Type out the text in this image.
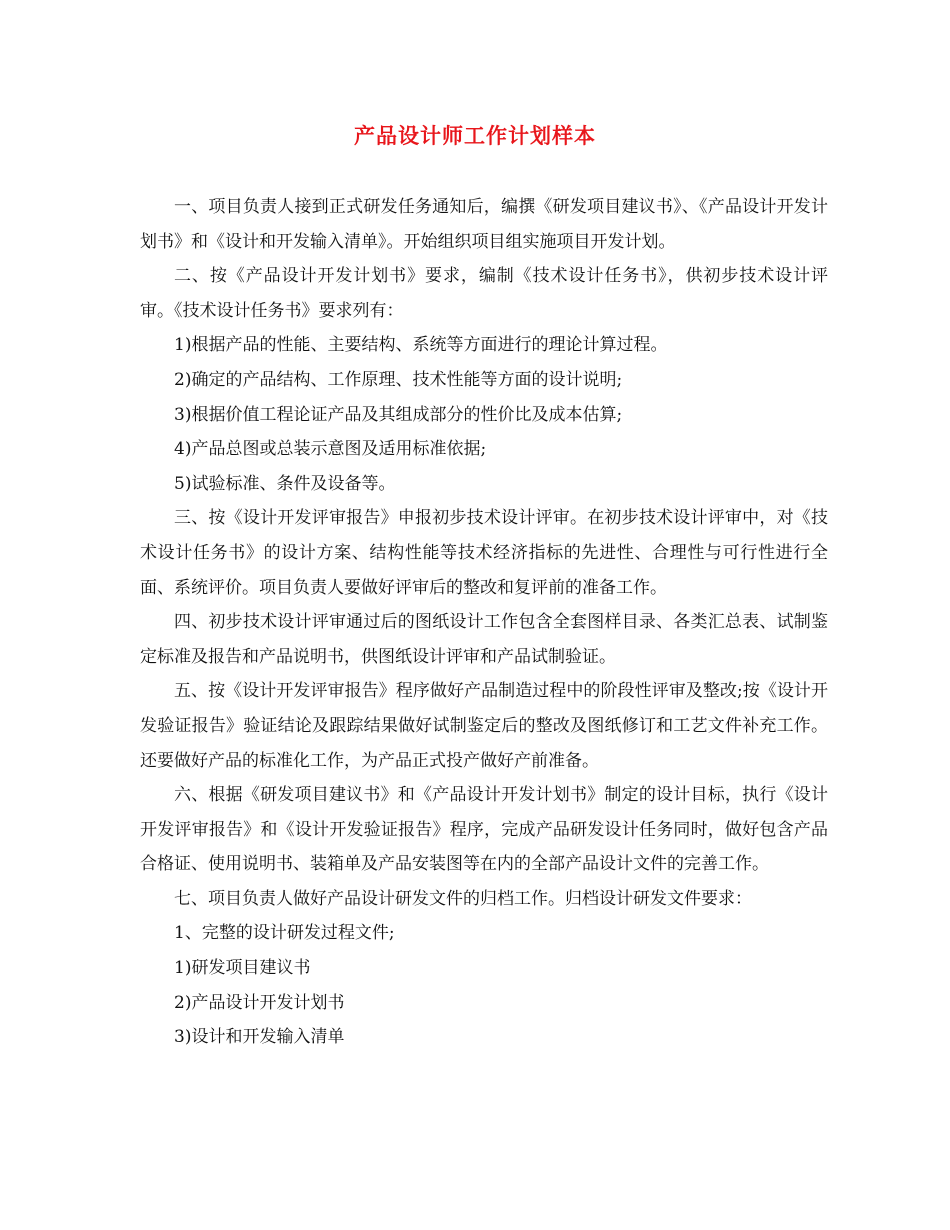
产品设计师工作计划样本

一、项目负责人接到正式研发任务通知后，编撰《研发项目建议书》、《产品设计开发计划书》和《设计和开发输入清单》。开始组织项目组实施项目开发计划。

二、按《产品设计开发计划书》要求，编制《技术设计任务书》，供初步技术设计评审。《技术设计任务书》要求列有：

1)根据产品的性能、主要结构、系统等方面进行的理论计算过程。

2)确定的产品结构、工作原理、技术性能等方面的设计说明;

3)根据价值工程论证产品及其组成部分的性价比及成本估算;

4)产品总图或总装示意图及适用标准依据;

5)试验标准、条件及设备等。

三、按《设计开发评审报告》申报初步技术设计评审。在初步技术设计评审中，对《技术设计任务书》的设计方案、结构性能等技术经济指标的先进性、合理性与可行性进行全面、系统评价。项目负责人要做好评审后的整改和复评前的准备工作。

四、初步技术设计评审通过后的图纸设计工作包含全套图样目录、各类汇总表、试制鉴定标准及报告和产品说明书，供图纸设计评审和产品试制验证。

五、按《设计开发评审报告》程序做好产品制造过程中的阶段性评审及整改;按《设计开发验证报告》验证结论及跟踪结果做好试制鉴定后的整改及图纸修订和工艺文件补充工作。还要做好产品的标准化工作，为产品正式投产做好产前准备。

六、根据《研发项目建议书》和《产品设计开发计划书》制定的设计目标，执行《设计开发评审报告》和《设计开发验证报告》程序，完成产品研发设计任务同时，做好包含产品合格证、使用说明书、装箱单及产品安装图等在内的全部产品设计文件的完善工作。

七、项目负责人做好产品设计研发文件的归档工作。归档设计研发文件要求：

1、完整的设计研发过程文件;

1)研发项目建议书

2)产品设计开发计划书

3)设计和开发输入清单
